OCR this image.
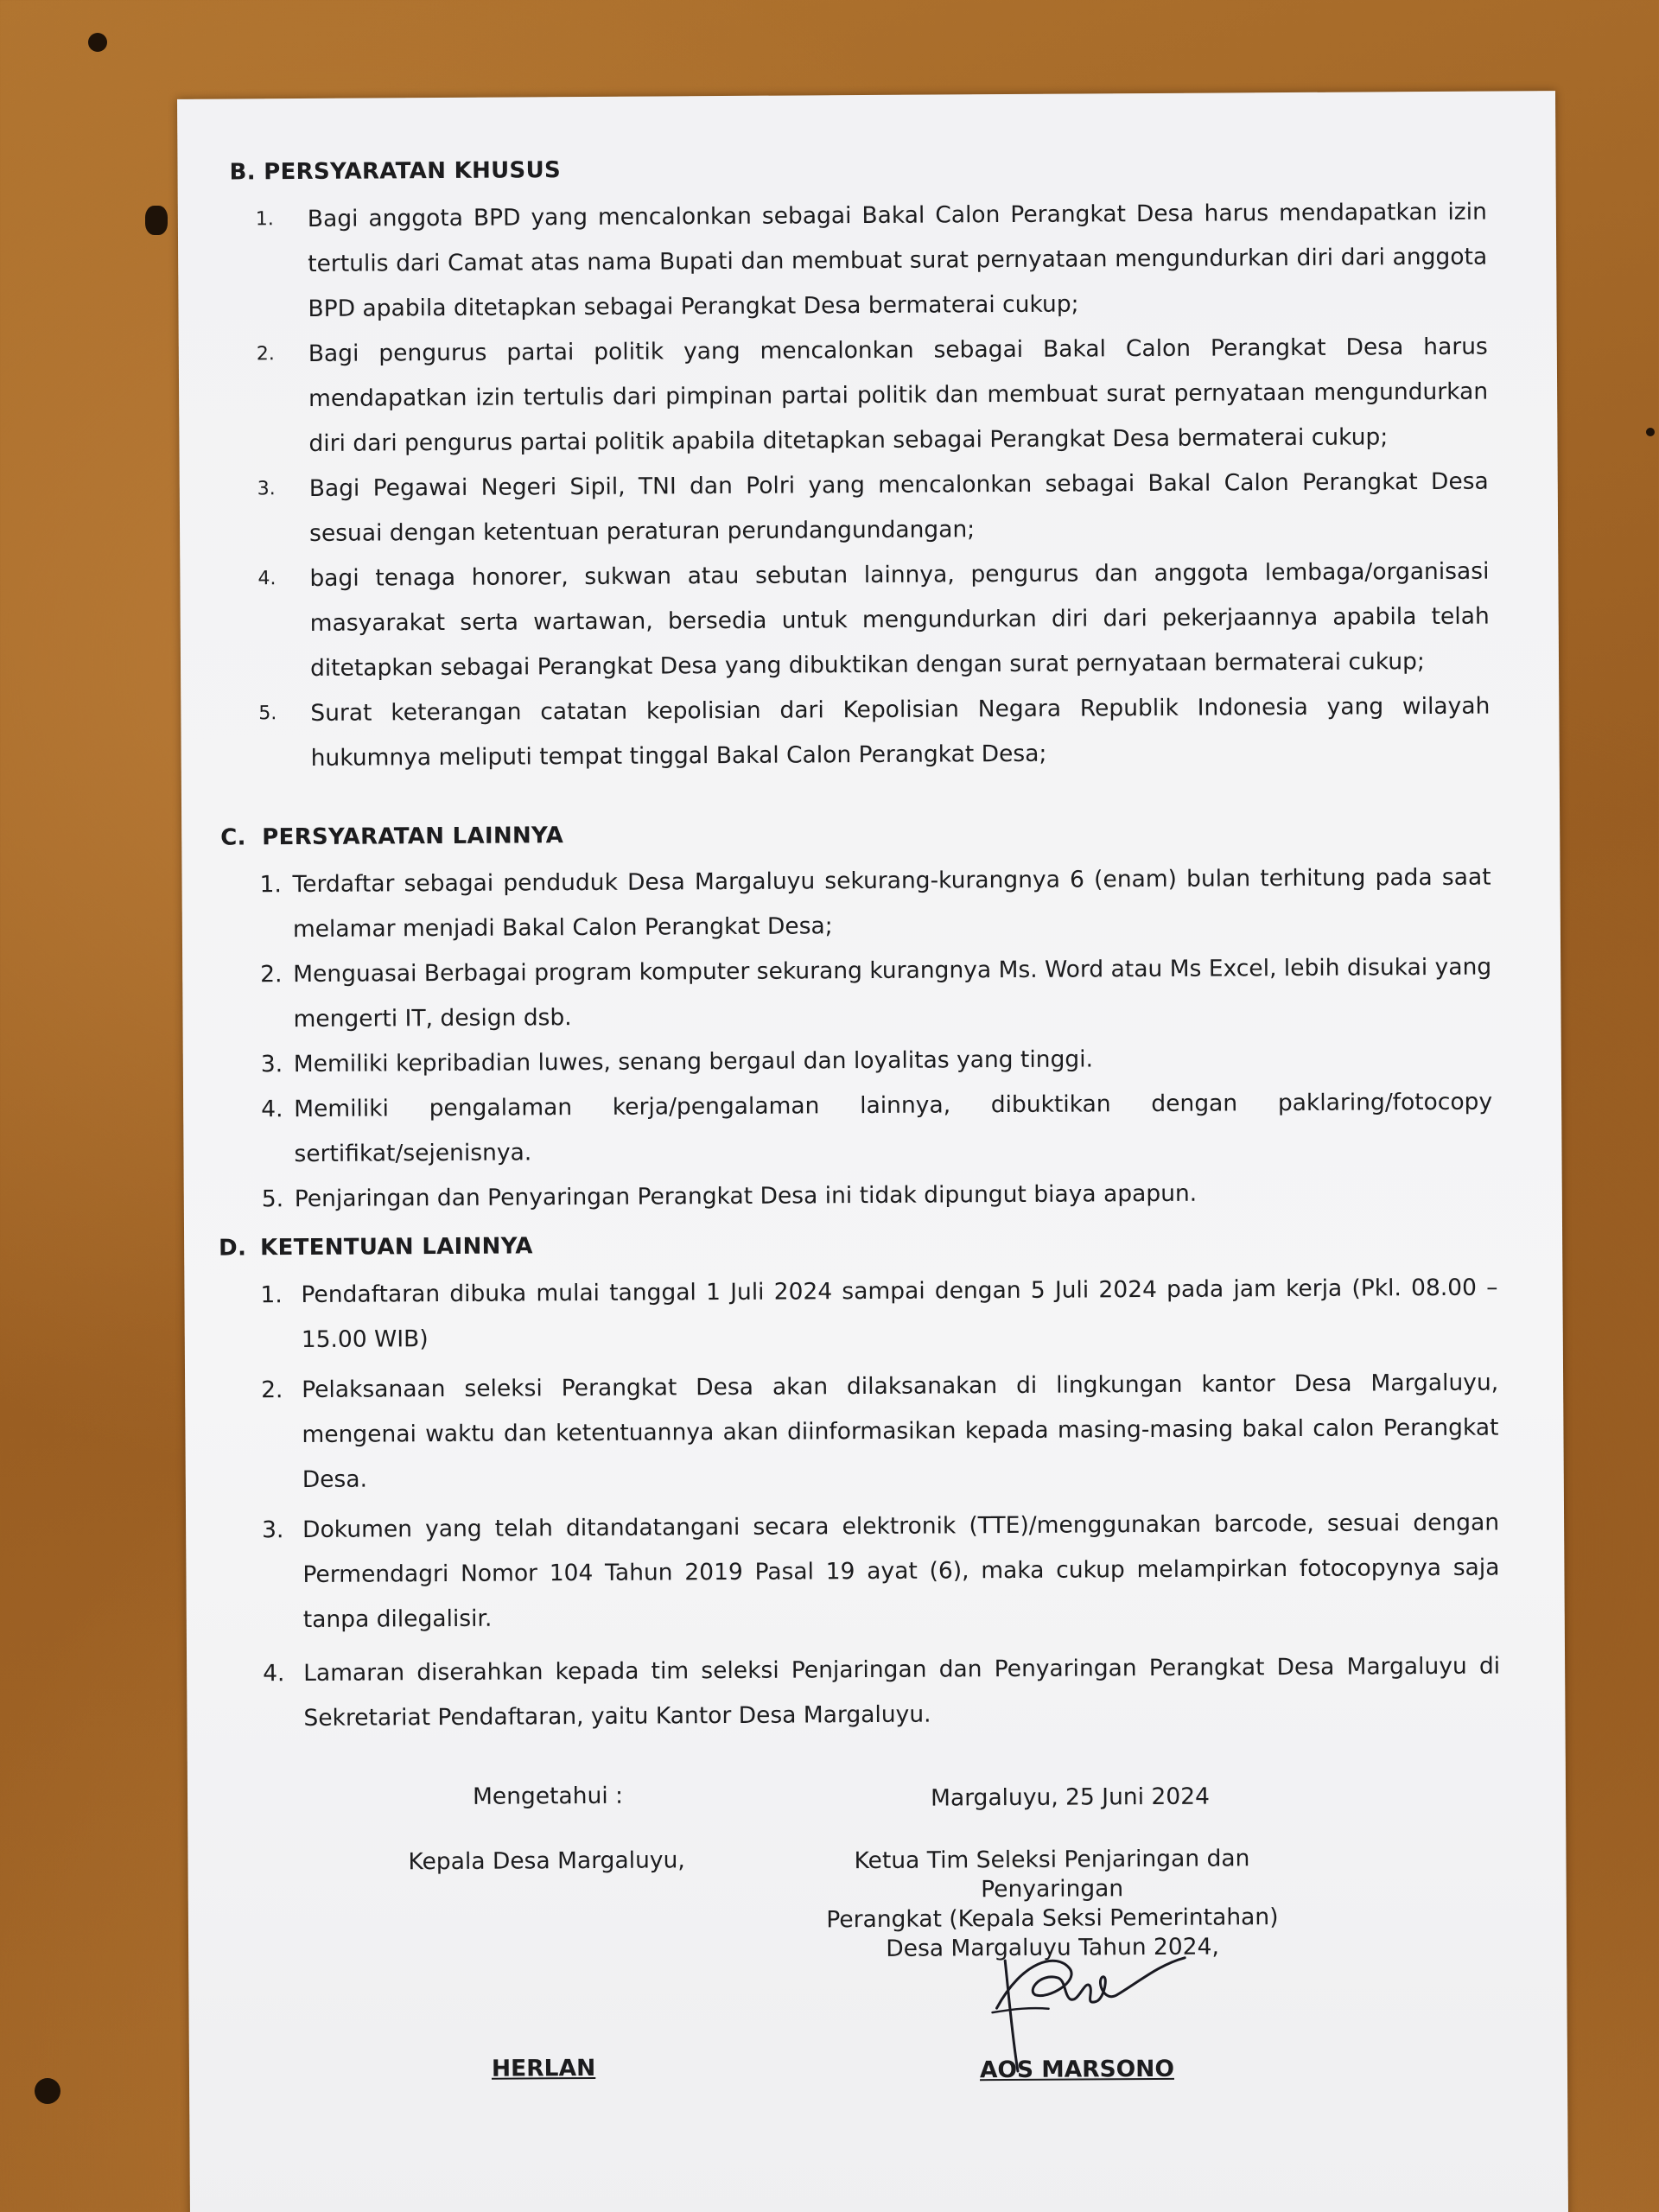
B. PERSYARATAN KHUSUS
1. Bagi anggota BPD yang mencalonkan sebagai Bakal Calon Perangkat Desa harus mendapatkan izin tertulis dari Camat atas nama Bupati dan membuat surat pernyataan mengundurkan diri dari anggota BPD apabila ditetapkan sebagai Perangkat Desa bermaterai cukup;
2. Bagi pengurus partai politik yang mencalonkan sebagai Bakal Calon Perangkat Desa harus mendapatkan izin tertulis dari pimpinan partai politik dan membuat surat pernyataan mengundurkan diri dari pengurus partai politik apabila ditetapkan sebagai Perangkat Desa bermaterai cukup;
3. Bagi Pegawai Negeri Sipil, TNI dan Polri yang mencalonkan sebagai Bakal Calon Perangkat Desa sesuai dengan ketentuan peraturan perundangundangan;
4. bagi tenaga honorer, sukwan atau sebutan lainnya, pengurus dan anggota lembaga/organisasi masyarakat serta wartawan, bersedia untuk mengundurkan diri dari pekerjaannya apabila telah ditetapkan sebagai Perangkat Desa yang dibuktikan dengan surat pernyataan bermaterai cukup;
5. Surat keterangan catatan kepolisian dari Kepolisian Negara Republik Indonesia yang wilayah hukumnya meliputi tempat tinggal Bakal Calon Perangkat Desa;
C. PERSYARATAN LAINNYA
1. Terdaftar sebagai penduduk Desa Margaluyu sekurang-kurangnya 6 (enam) bulan terhitung pada saat melamar menjadi Bakal Calon Perangkat Desa;
2. Menguasai Berbagai program komputer sekurang kurangnya Ms. Word atau Ms Excel, lebih disukai yang mengerti IT, design dsb.
3. Memiliki kepribadian luwes, senang bergaul dan loyalitas yang tinggi.
4. Memiliki pengalaman kerja/pengalaman lainnya, dibuktikan dengan paklaring/fotocopy sertifikat/sejenisnya.
5. Penjaringan dan Penyaringan Perangkat Desa ini tidak dipungut biaya apapun.
D. KETENTUAN LAINNYA
1. Pendaftaran dibuka mulai tanggal 1 Juli 2024 sampai dengan 5 Juli 2024 pada jam kerja (Pkl. 08.00 – 15.00 WIB)
2. Pelaksanaan seleksi Perangkat Desa akan dilaksanakan di lingkungan kantor Desa Margaluyu, mengenai waktu dan ketentuannya akan diinformasikan kepada masing-masing bakal calon Perangkat Desa.
3. Dokumen yang telah ditandatangani secara elektronik (TTE)/menggunakan barcode, sesuai dengan Permendagri Nomor 104 Tahun 2019 Pasal 19 ayat (6), maka cukup melampirkan fotocopynya saja tanpa dilegalisir.
4. Lamaran diserahkan kepada tim seleksi Penjaringan dan Penyaringan Perangkat Desa Margaluyu di Sekretariat Pendaftaran, yaitu Kantor Desa Margaluyu.
Mengetahui :
Kepala Desa Margaluyu,
HERLAN
Margaluyu, 25 Juni 2024
Ketua Tim Seleksi Penjaringan dan Penyaringan
Perangkat (Kepala Seksi Pemerintahan)
Desa Margaluyu Tahun 2024,
AOS MARSONO
